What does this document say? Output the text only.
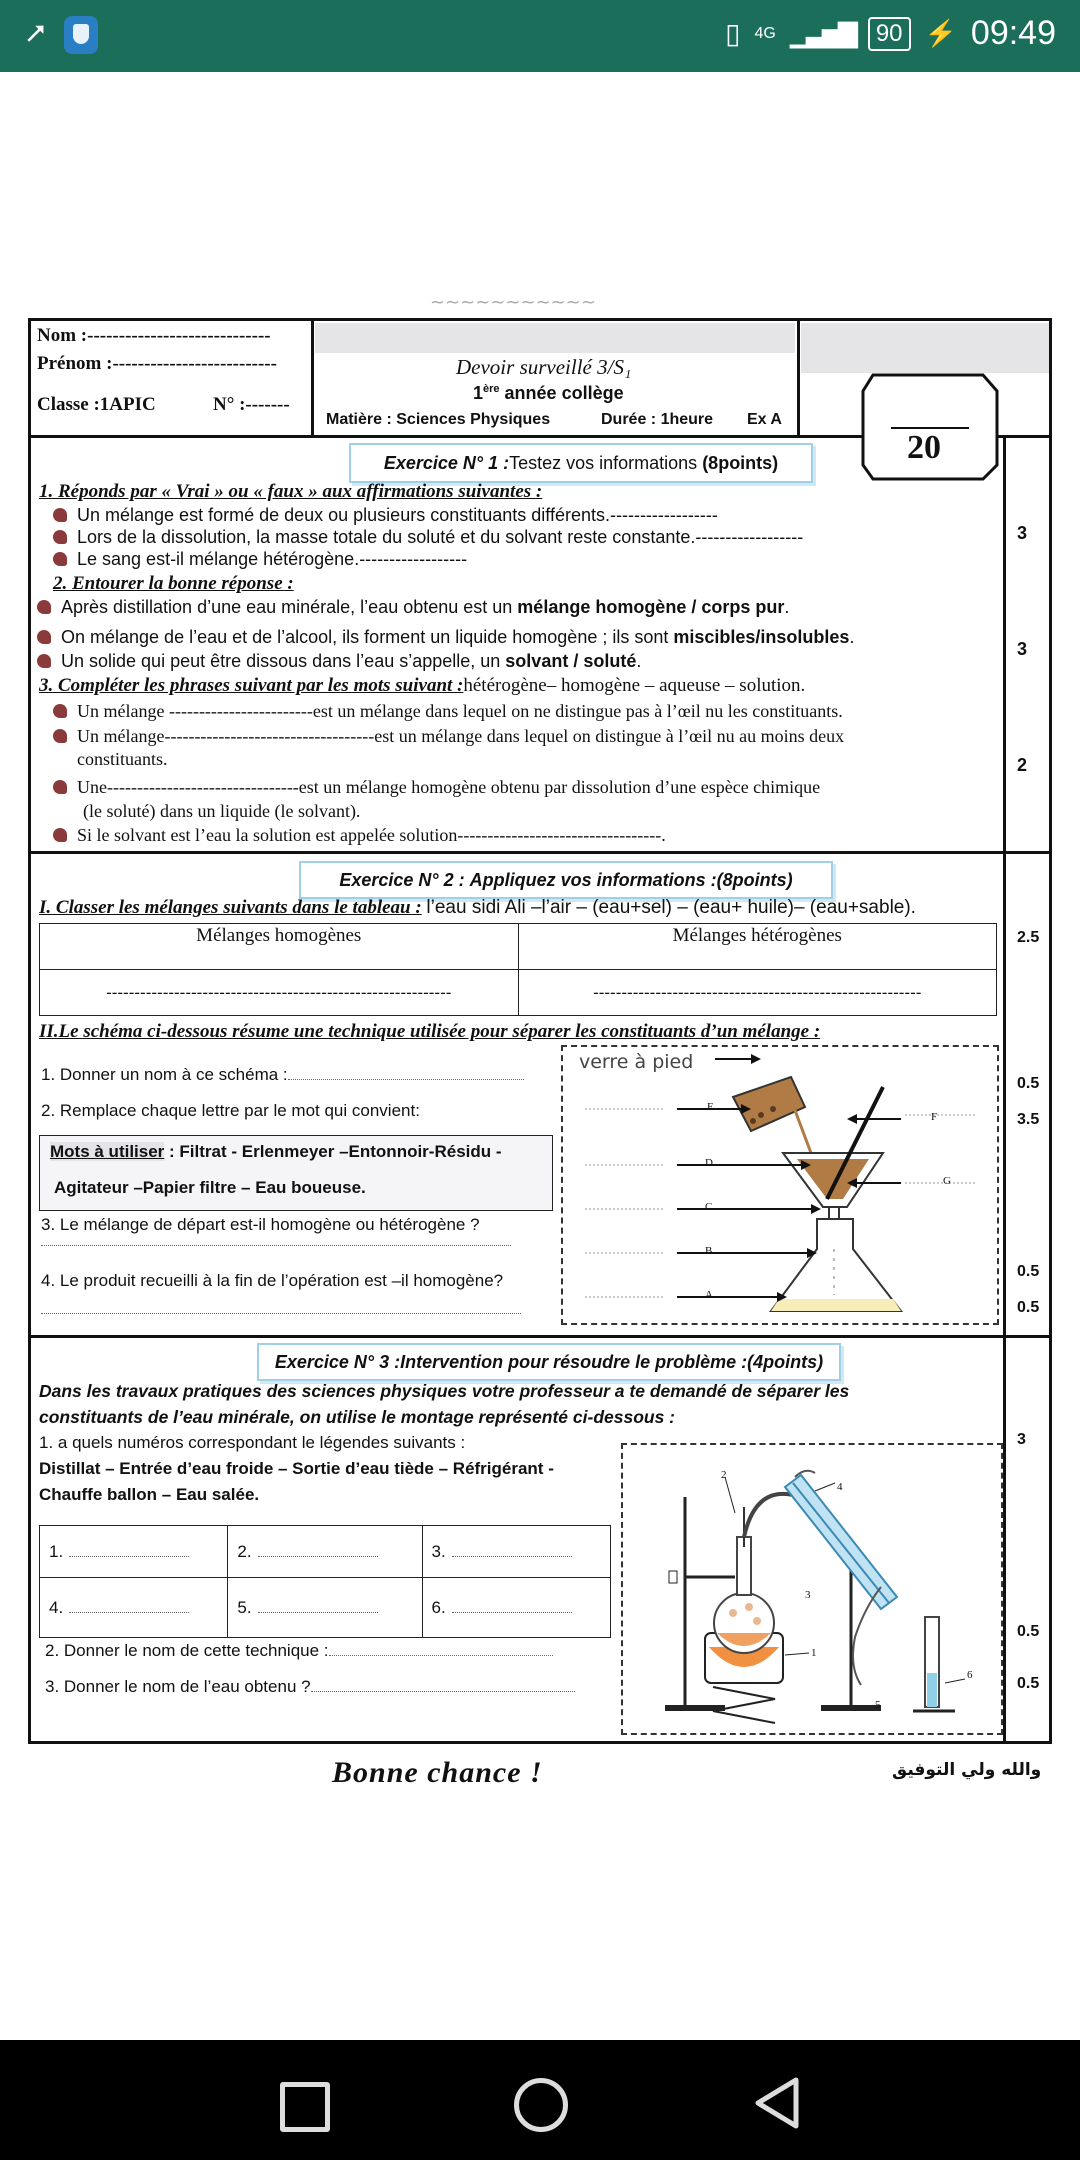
⭧	▯ 4G ▁▃▅▇ 90 ⚡ 09:49
~~~~~~~~~~~
Nom :-----------------------------
Prénom :--------------------------
Classe :1APIC	N° :-------
Devoir surveillé 3/S₁
1ère année collège
Matière : Sciences Physiques	Durée : 1heure Ex A
20
Exercice N° 1 :Testez vos informations (8points)
1. Réponds par « Vrai » ou « faux » aux affirmations suivantes :
Un mélange est formé de deux ou plusieurs constituants différents.------------------
Lors de la dissolution, la masse totale du soluté et du solvant reste constante.------------------
Le sang est-il mélange hétérogène.------------------
2. Entourer la bonne réponse :
Après distillation d’une eau minérale, l’eau obtenu est un mélange homogène / corps pur.
On mélange de l’eau et de l’alcool, ils forment un liquide homogène ; ils sont miscibles/insolubles.
Un solide qui peut être dissous dans l’eau s’appelle, un solvant / soluté.
3. Compléter les phrases suivant par les mots suivant :hétérogène– homogène – aqueuse – solution.
Un mélange ------------------------est un mélange dans lequel on ne distingue pas à l’œil nu les constituants.
Un mélange-----------------------------------est un mélange dans lequel on distingue à l’œil nu au moins deux
constituants.
Une--------------------------------est un mélange homogène obtenu par dissolution d’une espèce chimique
(le soluté) dans un liquide (le solvant).
Si le solvant est l’eau la solution est appelée solution----------------------------------.
3
3
2
Exercice N° 2 : Appliquez vos informations :(8points)
I. Classer les mélanges suivants dans le tableau : l’eau sidi Ali –l’air – (eau+sel) – (eau+ huile)– (eau+sable).
Mélanges homogènes	Mélanges hétérogènes
-------------------------------------------------------------	----------------------------------------------------------
II.Le schéma ci-dessous résume une technique utilisée pour séparer les constituants d’un mélange :
1. Donner un nom à ce schéma :
2. Remplace chaque lettre par le mot qui convient:
Mots à utiliser : Filtrat - Erlenmeyer –Entonnoir-Résidu -
Agitateur –Papier filtre – Eau boueuse.
3. Le mélange de départ est-il homogène ou hétérogène ?
4. Le produit recueilli à la fin de l’opération est –il homogène?
verre à pied
E
F
D
G
C
B
A
2.5
0.5
3.5
0.5
0.5
Exercice N° 3 :Intervention pour résoudre le problème :(4points)
Dans les travaux pratiques des sciences physiques votre professeur a te demandé de séparer les
constituants de l’eau minérale, on utilise le montage représenté ci-dessous :
1. a quels numéros correspondant le légendes suivants :
Distillat – Entrée d’eau froide – Sortie d’eau tiède – Réfrigérant -
Chauffe ballon – Eau salée.
1.	2.	3.
4.	5.	6.
2. Donner le nom de cette technique :
3. Donner le nom de l’eau obtenu ?
1
2
3
4
5
6
3
0.5
0.5
Bonne chance !	والله ولي التوفيق
